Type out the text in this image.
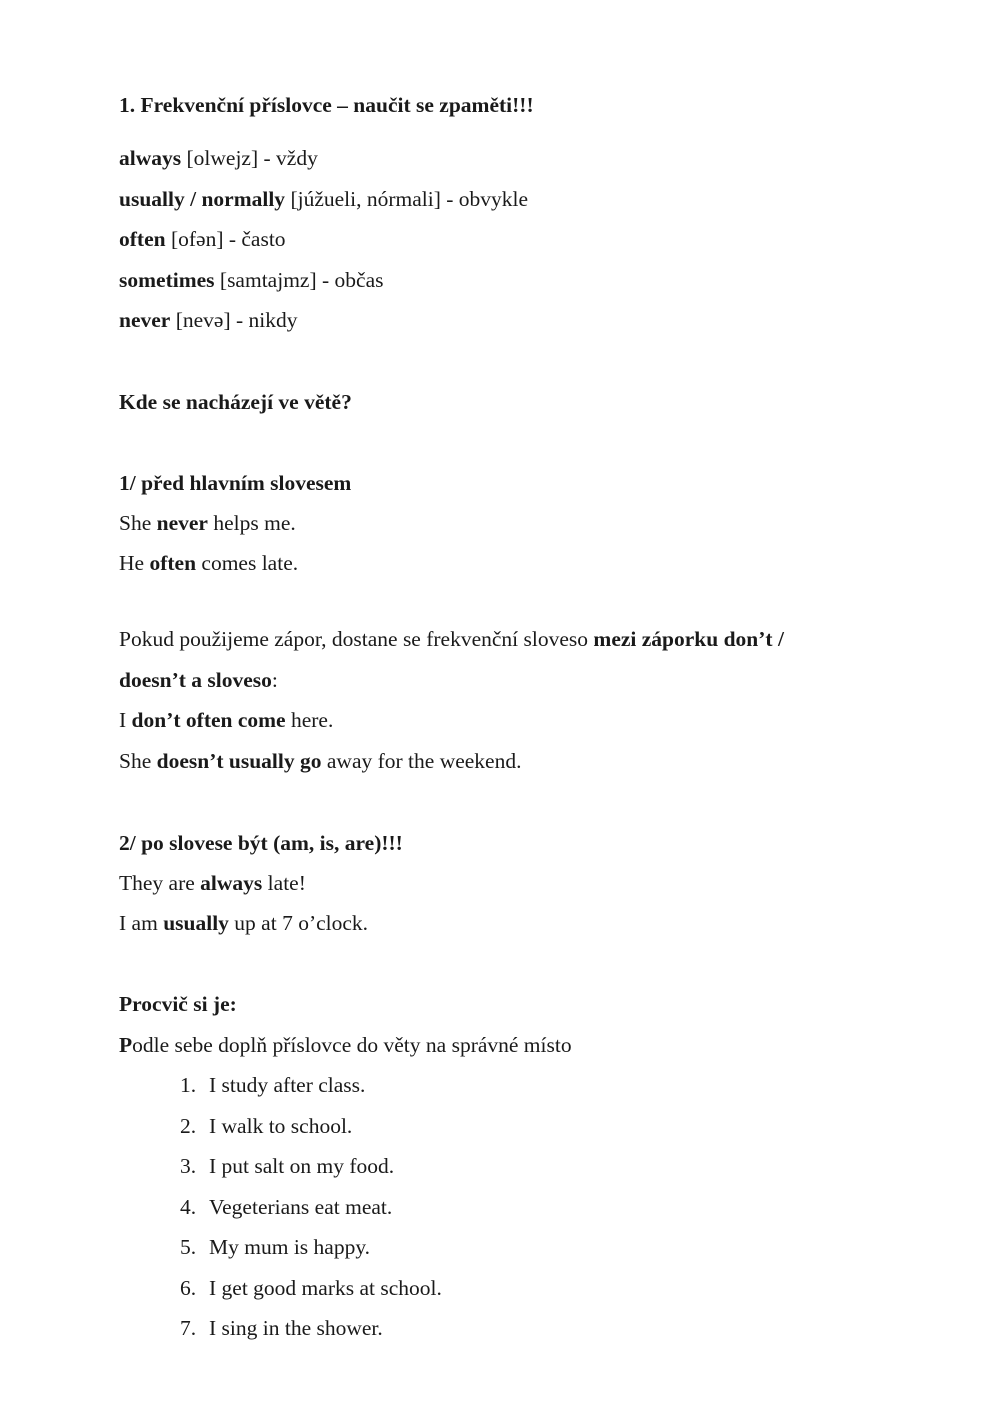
1. Frekvenční příslovce – naučit se zpaměti!!!
always [olwejz] - vždy
usually / normally [júžueli, nórmali] - obvykle
often [ofən] - často
sometimes [samtajmz] - občas
never [nevə] - nikdy
Kde se nacházejí ve větě?
1/ před hlavním slovesem
She never helps me.
He often comes late.
Pokud použijeme zápor, dostane se frekvenční sloveso mezi záporku don’t /
doesn’t a sloveso:
I don’t often come here.
She doesn’t usually go away for the weekend.
2/ po slovese být (am, is, are)!!!
They are always late!
I am usually up at 7 o’clock.
Procvič si je:
Podle sebe doplň příslovce do věty na správné místo
1. I study after class.
2. I walk to school.
3. I put salt on my food.
4. Vegeterians eat meat.
5. My mum is happy.
6. I get good marks at school.
7. I sing in the shower.
